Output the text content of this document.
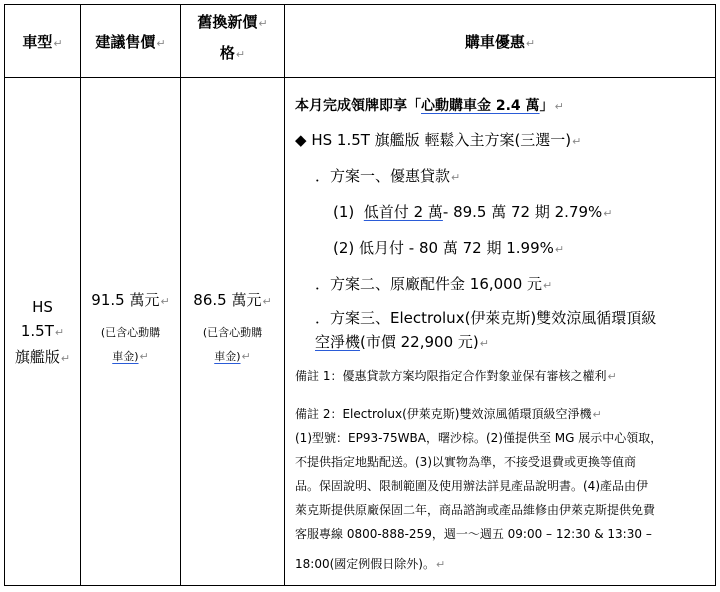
車型↵	建議售價↵
舊換新價↵
格↵
購車優惠↵
HS
1.5T↵
旗艦版↵
91.5 萬元↵
(已含心動購
車金)↵
86.5 萬元↵
(已含心動購
車金)↵
本月完成領牌即享「心動購車金 2.4 萬」↵
◆ HS 1.5T 旗艦版 輕鬆入主方案(三選一)↵
．方案一、優惠貸款↵
(1) 低首付 2 萬- 89.5 萬 72 期 2.79%↵
(2) 低月付 - 80 萬 72 期 1.99%↵
．方案二、原廠配件金 16,000 元↵
．方案三、Electrolux(伊萊克斯)雙效涼風循環頂級
空淨機(市價 22,900 元)↵
備註 1：優惠貸款方案均限指定合作對象並保有審核之權利↵
備註 2：Electrolux(伊萊克斯)雙效涼風循環頂級空淨機↵
(1)型號：EP93-75WBA，曙沙棕。(2)僅提供至 MG 展示中心領取，
不提供指定地點配送。(3)以實物為準，不接受退費或更換等值商
品。保固說明、限制範圍及使用辦法詳見產品說明書。(4)產品由伊
萊克斯提供原廠保固二年，商品諮詢或產品維修由伊萊克斯提供免費
客服專線 0800-888-259，週一～週五 09:00 – 12:30 & 13:30 –
18:00(國定例假日除外)。↵
